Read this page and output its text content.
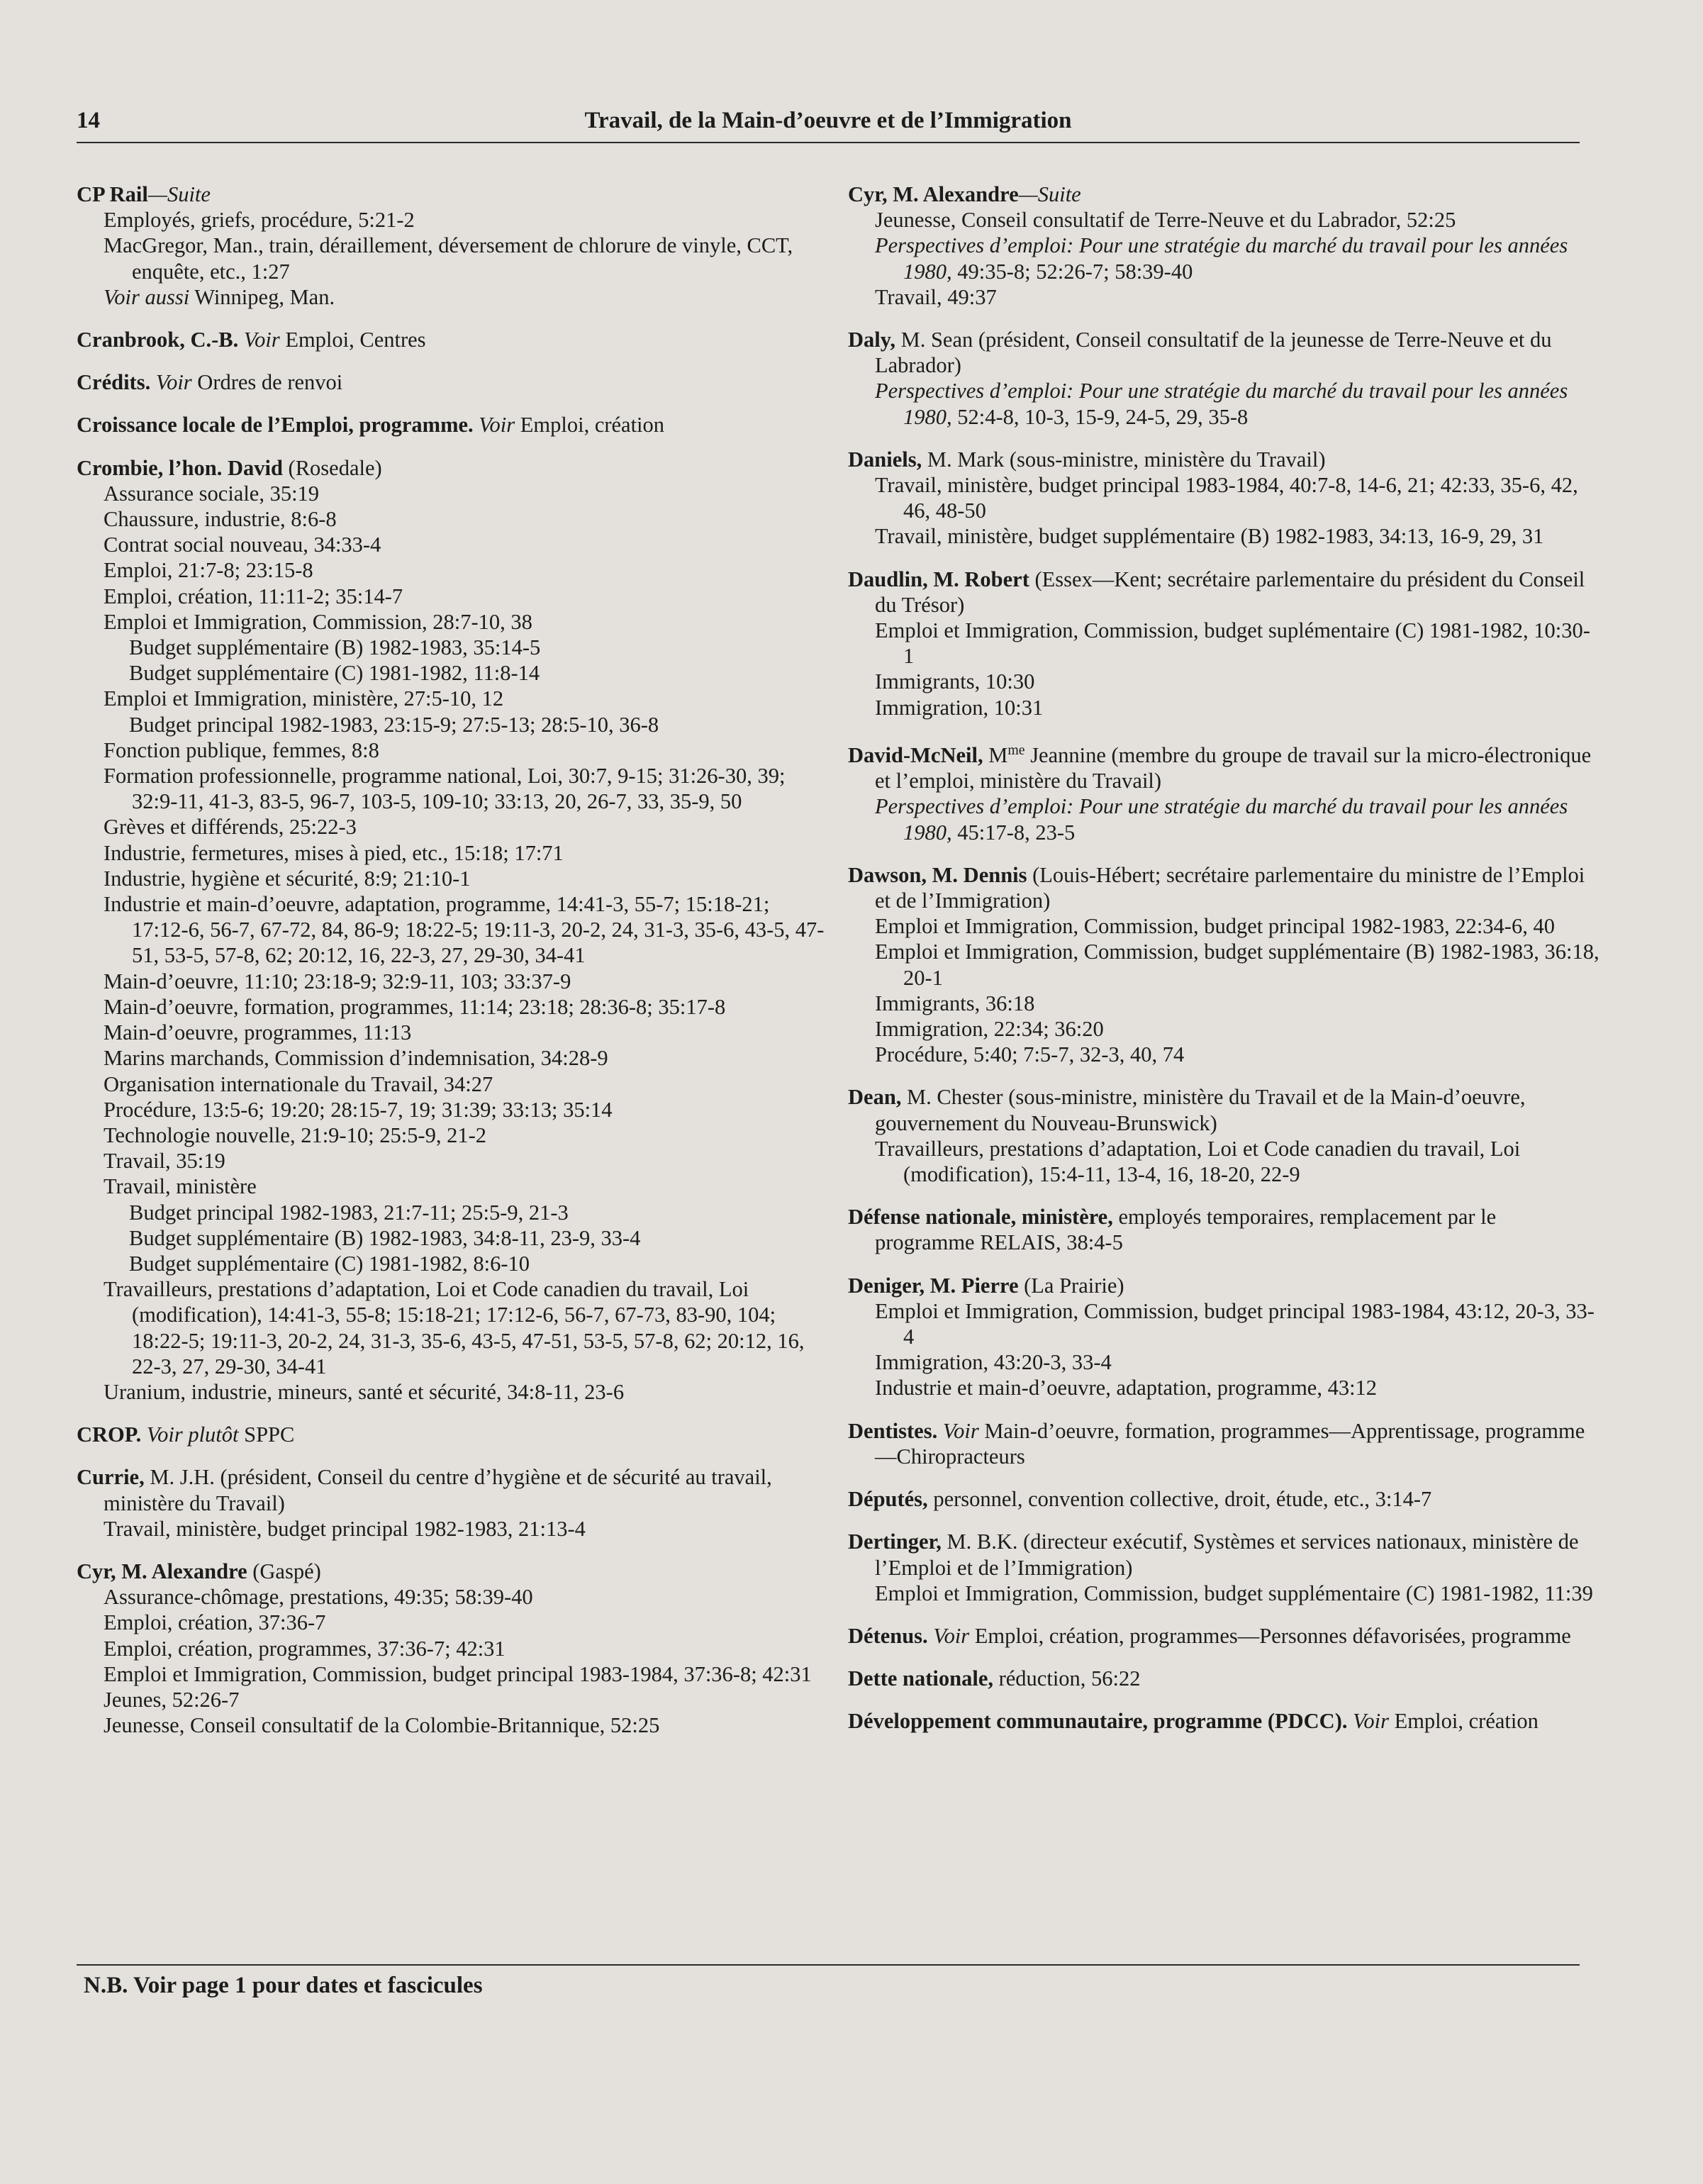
14	Travail, de la Main-d’oeuvre et de l’Immigration
CP Rail—Suite
Employés, griefs, procédure, 5:21-2
MacGregor, Man., train, déraillement, déversement de chlorure de vinyle, CCT, enquête, etc., 1:27
Voir aussi Winnipeg, Man.
Cranbrook, C.-B. Voir Emploi, Centres
Crédits. Voir Ordres de renvoi
Croissance locale de l’Emploi, programme. Voir Emploi, création
Crombie, l’hon. David (Rosedale)
Assurance sociale, 35:19
Chaussure, industrie, 8:6-8
Contrat social nouveau, 34:33-4
Emploi, 21:7-8; 23:15-8
Emploi, création, 11:11-2; 35:14-7
Emploi et Immigration, Commission, 28:7-10, 38
Budget supplémentaire (B) 1982-1983, 35:14-5
Budget supplémentaire (C) 1981-1982, 11:8-14
Emploi et Immigration, ministère, 27:5-10, 12
Budget principal 1982-1983, 23:15-9; 27:5-13; 28:5-10, 36-8
Fonction publique, femmes, 8:8
Formation professionnelle, programme national, Loi, 30:7, 9-15; 31:26-30, 39; 32:9-11, 41-3, 83-5, 96-7, 103-5, 109-10; 33:13, 20, 26-7, 33, 35-9, 50
Grèves et différends, 25:22-3
Industrie, fermetures, mises à pied, etc., 15:18; 17:71
Industrie, hygiène et sécurité, 8:9; 21:10-1
Industrie et main-d’oeuvre, adaptation, programme, 14:41-3, 55-7; 15:18-21; 17:12-6, 56-7, 67-72, 84, 86-9; 18:22-5; 19:11-3, 20-2, 24, 31-3, 35-6, 43-5, 47-51, 53-5, 57-8, 62; 20:12, 16, 22-3, 27, 29-30, 34-41
Main-d’oeuvre, 11:10; 23:18-9; 32:9-11, 103; 33:37-9
Main-d’oeuvre, formation, programmes, 11:14; 23:18; 28:36-8; 35:17-8
Main-d’oeuvre, programmes, 11:13
Marins marchands, Commission d’indemnisation, 34:28-9
Organisation internationale du Travail, 34:27
Procédure, 13:5-6; 19:20; 28:15-7, 19; 31:39; 33:13; 35:14
Technologie nouvelle, 21:9-10; 25:5-9, 21-2
Travail, 35:19
Travail, ministère
Budget principal 1982-1983, 21:7-11; 25:5-9, 21-3
Budget supplémentaire (B) 1982-1983, 34:8-11, 23-9, 33-4
Budget supplémentaire (C) 1981-1982, 8:6-10
Travailleurs, prestations d’adaptation, Loi et Code canadien du travail, Loi (modification), 14:41-3, 55-8; 15:18-21; 17:12-6, 56-7, 67-73, 83-90, 104; 18:22-5; 19:11-3, 20-2, 24, 31-3, 35-6, 43-5, 47-51, 53-5, 57-8, 62; 20:12, 16, 22-3, 27, 29-30, 34-41
Uranium, industrie, mineurs, santé et sécurité, 34:8-11, 23-6
CROP. Voir plutôt SPPC
Currie, M. J.H. (président, Conseil du centre d’hygiène et de sécurité au travail, ministère du Travail)
Travail, ministère, budget principal 1982-1983, 21:13-4
Cyr, M. Alexandre (Gaspé)
Assurance-chômage, prestations, 49:35; 58:39-40
Emploi, création, 37:36-7
Emploi, création, programmes, 37:36-7; 42:31
Emploi et Immigration, Commission, budget principal 1983-1984, 37:36-8; 42:31
Jeunes, 52:26-7
Jeunesse, Conseil consultatif de la Colombie-Britannique, 52:25
Cyr, M. Alexandre—Suite
Jeunesse, Conseil consultatif de Terre-Neuve et du Labrador, 52:25
Perspectives d’emploi: Pour une stratégie du marché du travail pour les années 1980, 49:35-8; 52:26-7; 58:39-40
Travail, 49:37
Daly, M. Sean (président, Conseil consultatif de la jeunesse de Terre-Neuve et du Labrador)
Perspectives d’emploi: Pour une stratégie du marché du travail pour les années 1980, 52:4-8, 10-3, 15-9, 24-5, 29, 35-8
Daniels, M. Mark (sous-ministre, ministère du Travail)
Travail, ministère, budget principal 1983-1984, 40:7-8, 14-6, 21; 42:33, 35-6, 42, 46, 48-50
Travail, ministère, budget supplémentaire (B) 1982-1983, 34:13, 16-9, 29, 31
Daudlin, M. Robert (Essex—Kent; secrétaire parlementaire du président du Conseil du Trésor)
Emploi et Immigration, Commission, budget suplémentaire (C) 1981-1982, 10:30-1
Immigrants, 10:30
Immigration, 10:31
David-McNeil, $M^{me}$ Jeannine (membre du groupe de travail sur la micro-électronique et l’emploi, ministère du Travail)
Perspectives d’emploi: Pour une stratégie du marché du travail pour les années 1980, 45:17-8, 23-5
Dawson, M. Dennis (Louis-Hébert; secrétaire parlementaire du ministre de l’Emploi et de l’Immigration)
Emploi et Immigration, Commission, budget principal 1982-1983, 22:34-6, 40
Emploi et Immigration, Commission, budget supplémentaire (B) 1982-1983, 36:18, 20-1
Immigrants, 36:18
Immigration, 22:34; 36:20
Procédure, 5:40; 7:5-7, 32-3, 40, 74
Dean, M. Chester (sous-ministre, ministère du Travail et de la Main-d’oeuvre, gouvernement du Nouveau-Brunswick)
Travailleurs, prestations d’adaptation, Loi et Code canadien du travail, Loi (modification), 15:4-11, 13-4, 16, 18-20, 22-9
Défense nationale, ministère, employés temporaires, remplacement par le programme RELAIS, 38:4-5
Deniger, M. Pierre (La Prairie)
Emploi et Immigration, Commission, budget principal 1983-1984, 43:12, 20-3, 33-4
Immigration, 43:20-3, 33-4
Industrie et main-d’oeuvre, adaptation, programme, 43:12
Dentistes. Voir Main-d’oeuvre, formation, programmes—Apprentissage, programme—Chiropracteurs
Députés, personnel, convention collective, droit, étude, etc., 3:14-7
Dertinger, M. B.K. (directeur exécutif, Systèmes et services nationaux, ministère de l’Emploi et de l’Immigration)
Emploi et Immigration, Commission, budget supplémentaire (C) 1981-1982, 11:39
Détenus. Voir Emploi, création, programmes—Personnes défavorisées, programme
Dette nationale, réduction, 56:22
Développement communautaire, programme (PDCC). Voir Emploi, création
N.B. Voir page 1 pour dates et fascicules
